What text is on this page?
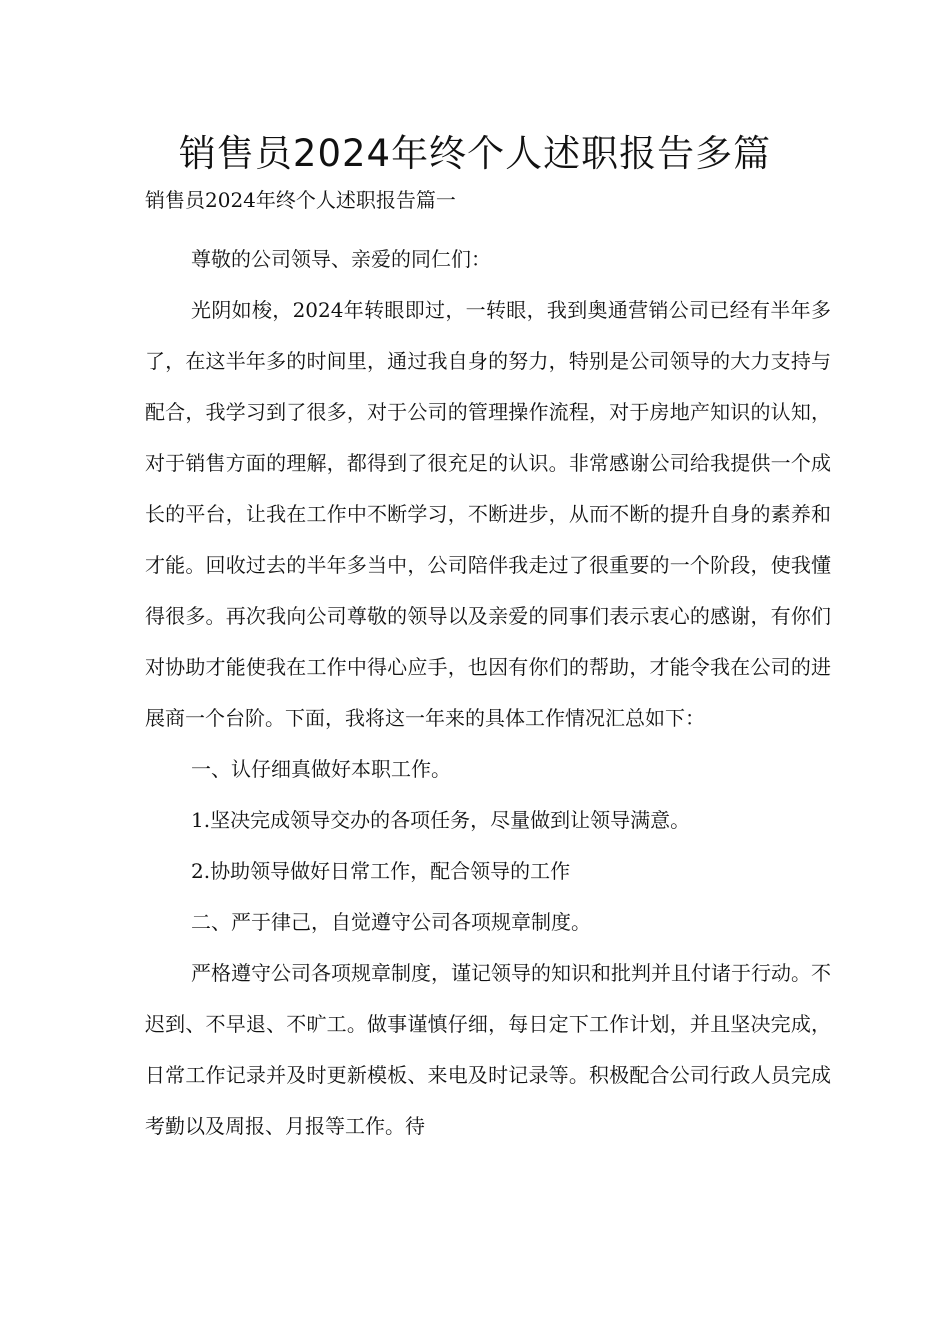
销售员2024年终个人述职报告多篇

销售员2024年终个人述职报告篇一

尊敬的公司领导、亲爱的同仁们：

光阴如梭，2024年转眼即过，一转眼，我到奥通营销公司已经有半年多了，在这半年多的时间里，通过我自身的努力，特别是公司领导的大力支持与配合，我学习到了很多，对于公司的管理操作流程，对于房地产知识的认知，对于销售方面的理解，都得到了很充足的认识。非常感谢公司给我提供一个成长的平台，让我在工作中不断学习，不断进步，从而不断的提升自身的素养和才能。回收过去的半年多当中，公司陪伴我走过了很重要的一个阶段，使我懂得很多。再次我向公司尊敬的领导以及亲爱的同事们表示衷心的感谢，有你们对协助才能使我在工作中得心应手，也因有你们的帮助，才能令我在公司的进展商一个台阶。下面，我将这一年来的具体工作情况汇总如下：

一、认仔细真做好本职工作。

1.坚决完成领导交办的各项任务，尽量做到让领导满意。

2.协助领导做好日常工作，配合领导的工作

二、严于律己，自觉遵守公司各项规章制度。

严格遵守公司各项规章制度，谨记领导的知识和批判并且付诸于行动。不迟到、不早退、不旷工。做事谨慎仔细，每日定下工作计划，并且坚决完成，日常工作记录并及时更新模板、来电及时记录等。积极配合公司行政人员完成考勤以及周报、月报等工作。待
